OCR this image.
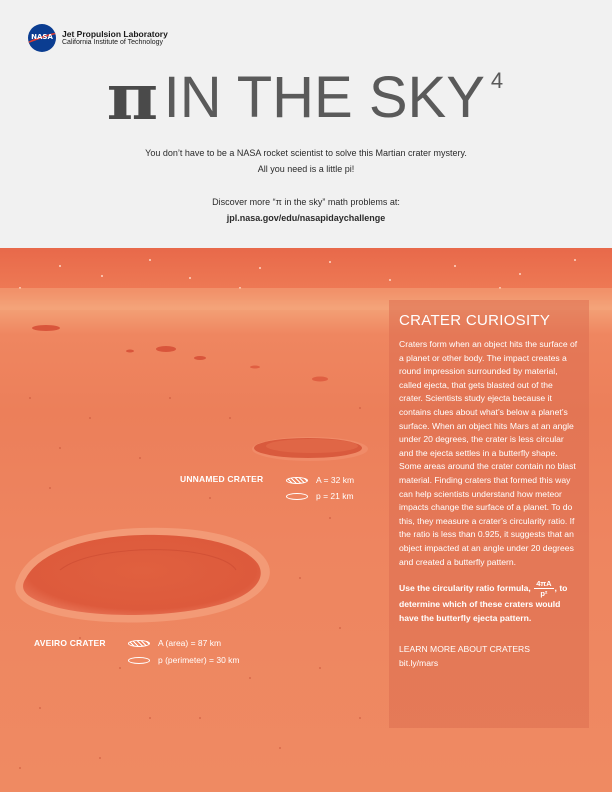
NASA	Jet Propulsion Laboratory
California Institute of Technology
π IN THE SKY 4
You don’t have to be a NASA rocket scientist to solve this Martian crater mystery.
All you need is a little pi!
Discover more “π in the sky” math problems at:
jpl.nasa.gov/edu/nasapidaychallenge
UNNAMED CRATER	A = 32 km
p = 21 km
AVEIRO CRATER	A (area) = 87 km
p (perimeter) = 30 km
CRATER CURIOSITY
Craters form when an object hits the surface of a planet or other body. The impact creates a round impression surrounded by material, called ejecta, that gets blasted out of the crater. Scientists study ejecta because it contains clues about what’s below a planet’s surface. When an object hits Mars at an angle under 20 degrees, the crater is less circular and the ejecta settles in a butterfly shape. Some areas around the crater contain no blast material. Finding craters that formed this way can help scientists understand how meteor impacts change the surface of a planet. To do this, they measure a crater’s circularity ratio. If the ratio is less than 0.925, it suggests that an object impacted at an angle under 20 degrees and created a butterfly pattern.
Use the circularity ratio formula, $\frac{4\pi A}{\text{p²}}$ , to determine which of these craters would have the butterfly ejecta pattern.
LEARN MORE ABOUT CRATERS
bit.ly/mars
